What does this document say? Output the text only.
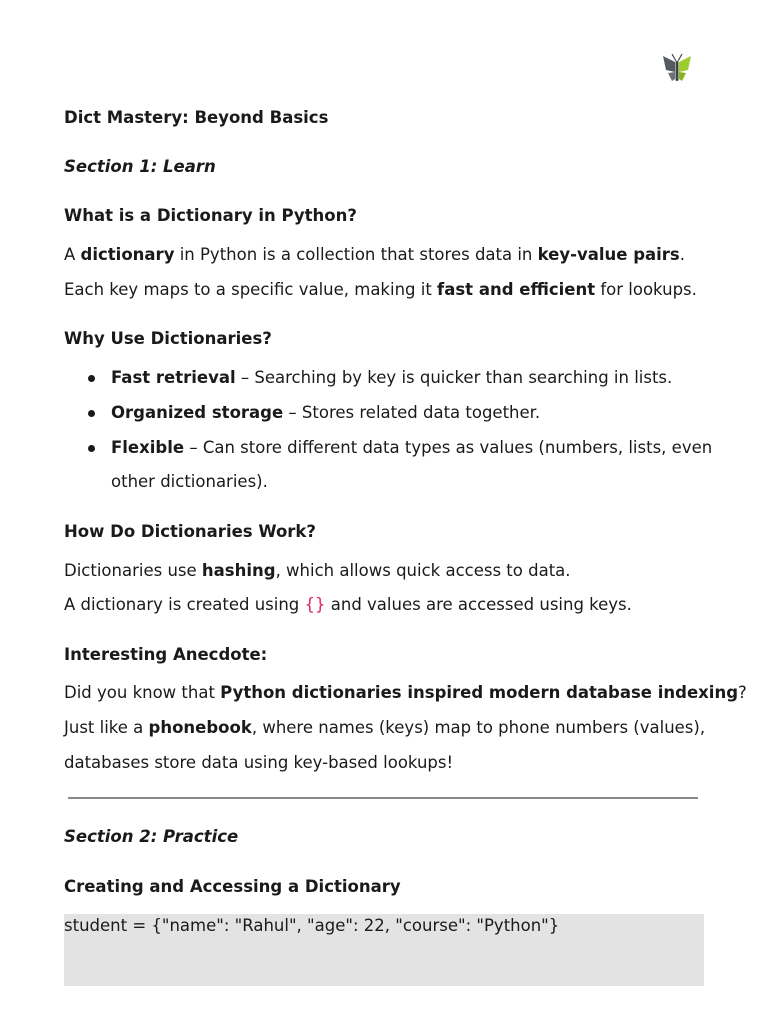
Dict Mastery: Beyond Basics
Section 1: Learn
What is a Dictionary in Python?
A dictionary in Python is a collection that stores data in key-value pairs.
Each key maps to a specific value, making it fast and efficient for lookups.
Why Use Dictionaries?
Fast retrieval – Searching by key is quicker than searching in lists.
Organized storage – Stores related data together.
Flexible – Can store different data types as values (numbers, lists, even
other dictionaries).
How Do Dictionaries Work?
Dictionaries use hashing, which allows quick access to data.
A dictionary is created using {} and values are accessed using keys.
Interesting Anecdote:
Did you know that Python dictionaries inspired modern database indexing?
Just like a phonebook, where names (keys) map to phone numbers (values),
databases store data using key-based lookups!
Section 2: Practice
Creating and Accessing a Dictionary
student = {"name": "Rahul", "age": 22, "course": "Python"}
